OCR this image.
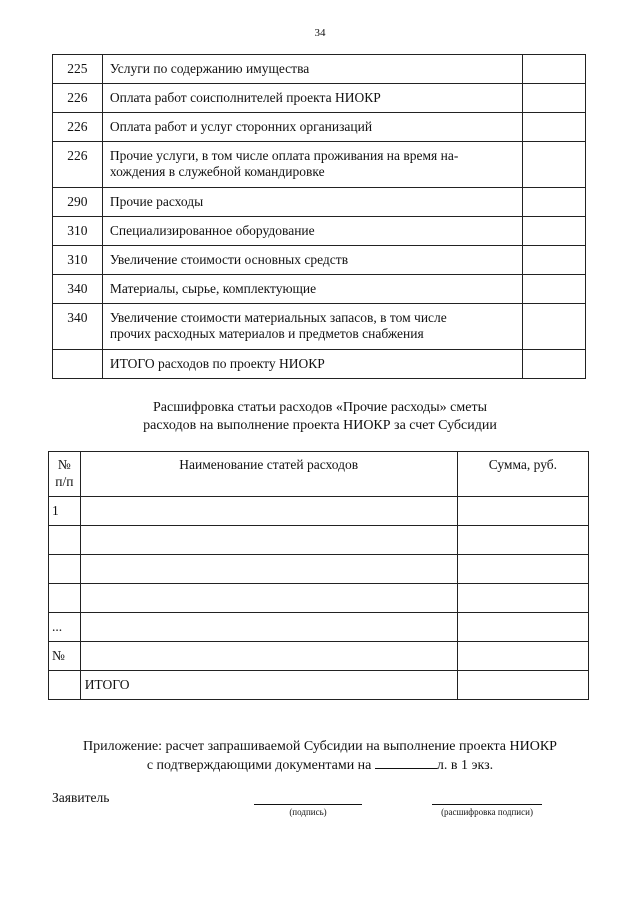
34
225	Услуги по содержанию имущества	
226	Оплата работ соисполнителей проекта НИОКР	
226	Оплата работ и услуг сторонних организаций	
226	Прочие услуги, в том числе оплата проживания на время на-
хождения в служебной командировке	

290	Прочие расходы	
310	Специализированное оборудование	
310	Увеличение стоимости основных средств	
340	Материалы, сырье, комплектующие	
340	Увеличение стоимости материальных запасов, в том числе
прочих расходных материалов и предметов снабжения	

	ИТОГО расходов по проекту НИОКР	
Расшифровка статьи расходов «Прочие расходы» сметы
расходов на выполнение проекта НИОКР за счет Субсидии
№
п/п	Наименование статей расходов	Сумма, руб.
1		

...		
№		
	ИТОГО	
Приложение: расчет запрашиваемой Субсидии на выполнение проекта НИОКР
с подтверждающими документами на	л. в 1 экз.
Заявитель
(подпись)	(расшифровка подписи)
